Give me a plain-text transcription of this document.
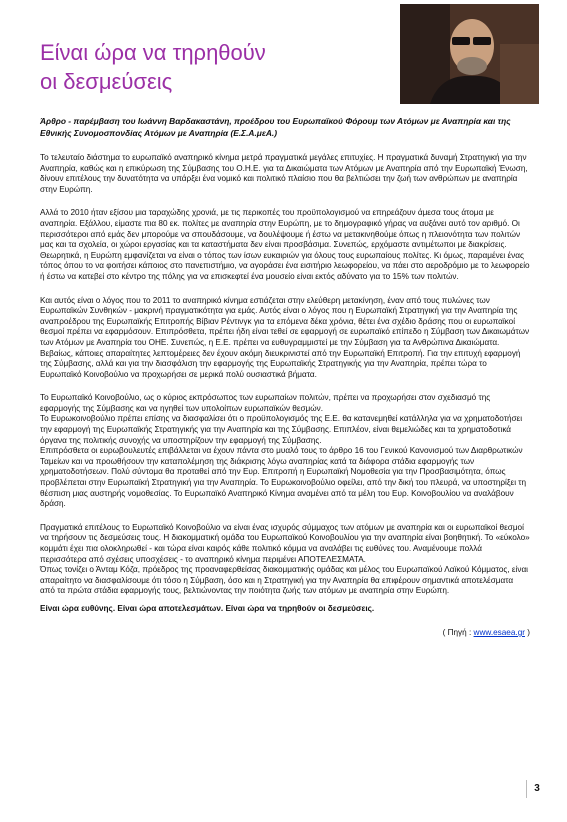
Είναι ώρα να τηρηθούν
οι δεσμεύσεις

Άρθρο - παρέμβαση του Ιωάννη Βαρδακαστάνη, προέδρου του Ευρωπαϊκού Φόρουμ των Ατόμων με Αναπηρία και της Εθνικής Συνομοσπονδίας Ατόμων με Αναπηρία (Ε.Σ.Α.μεΑ.)

Το τελευταίο διάστημα το ευρωπαϊκό αναπηρικό κίνημα μετρά πραγματικά μεγάλες επιτυχίες. Η πραγματικά δυναμή Στρατηγική για την Αναπηρία, καθώς και η επικύρωση της Σύμβασης του Ο.Η.Ε. για τα Δικαιώματα των Ατόμων με Αναπηρία από την Ευρωπαϊκή Ένωση, δίνουν επιτέλους την δυνατότητα να υπάρξει ένα νομικό και πολιτικό πλαίσιο που θα βελτιώσει την ζωή των ανθρώπων με αναπηρία στην Ευρώπη.

Αλλά το 2010 ήταν εξίσου μια ταραχώδης χρονιά, με τις περικοπές του προϋπολογισμού να επηρεάζουν άμεσα τους άτομα με αναπηρία. Εξάλλου, είμαστε πια 80 εκ. πολίτες με αναπηρία στην Ευρώπη, με το δημογραφικό γήρας να αυξάνει αυτό τον αριθμό. Οι περισσότεροι από εμάς δεν μπορούμε να σπουδάσουμε, να δουλέψουμε ή έστω να μετακινηθούμε όπως η πλειονότητα των πολιτών μας και τα σχολεία, οι χώροι εργασίας και τα καταστήματα δεν είναι προσβάσιμα. Συνεπώς, ερχόμαστε αντιμέτωποι με διακρίσεις. Θεωρητικά, η Ευρώπη εμφανίζεται να είναι ο τόπος των ίσων ευκαιριών για όλους τους ευρωπαίους πολίτες. Κι όμως, παραμένει ένας τόπος όπου το να φοιτήσει κάποιος στο πανεπιστήμιο, να αγοράσει ένα εισιτήριο λεωφορείου, να πάει στο αεροδρόμιο με το λεωφορείο ή έστω να κατεβεί στο κέντρο της πόλης για να επισκεφτεί ένα μουσείο είναι εκτός αδύνατο για το 15% των πολιτών.

Και αυτός είναι ο λόγος που το 2011 το αναπηρικό κίνημα εστιάζεται στην ελεύθερη μετακίνηση, έναν από τους πυλώνες των Ευρωπαϊκών Συνθηκών - μακρινή πραγματικότητα για εμάς. Αυτός είναι ο λόγος που η Ευρωπαϊκή Στρατηγική για την Αναπηρία της αναπροέδρου της Ευρωπαϊκής Επιτροπής Βίβιαν Ρέντινγκ για τα επόμενα δέκα χρόνια, θέτει ένα σχέδιο δράσης που οι ευρωπαϊκοί θεσμοί πρέπει να εφαρμόσουν. Επιπρόσθετα, πρέπει ήδη είναι τεθεί σε εφαρμογή σε ευρωπαϊκό επίπεδο η Σύμβαση των Δικαιωμάτων των Ατόμων με Αναπηρία του ΟΗΕ. Συνεπώς, η Ε.Ε. πρέπει να ευθυγραμμιστεί με την Σύμβαση για τα Ανθρώπινα Δικαιώματα. Βεβαίως, κάποιες απαραίτητες λεπτομέρειες δεν έχουν ακόμη διευκρινιστεί από την Ευρωπαϊκή Επιτροπή. Για την επιτυχή εφαρμογή της Σύμβασης, αλλά και για την διασφάλιση την εφαρμογής της Ευρωπαϊκής Στρατηγικής για την Αναπηρία, πρέπει τώρα το Ευρωπαϊκό Κοινοβούλιο να προχωρήσει σε μερικά πολύ ουσιαστικά βήματα.

Το Ευρωπαϊκό Κοινοβούλιο, ως ο κύριος εκπρόσωπος των ευρωπαίων πολιτών, πρέπει να προχωρήσει στον σχεδιασμό της εφαρμογής της Σύμβασης και να ηγηθεί των υπολοίπων ευρωπαϊκών θεσμών.
Το Ευρωκοινοβούλιο πρέπει επίσης να διασφαλίσει ότι ο προϋπολογισμός της Ε.Ε. θα κατανεμηθεί κατάλληλα για να χρηματοδοτήσει την εφαρμογή της Ευρωπαϊκής Στρατηγικής για την Αναπηρία και της Σύμβασης. Επιπλέον, είναι θεμελιώδες και τα χρηματοδοτικά όργανα της πολιτικής συνοχής να υποστηρίζουν την εφαρμογή της Σύμβασης.
Επιπρόσθετα οι ευρωβουλευτές επιβάλλεται να έχουν πάντα στο μυαλό τους το άρθρο 16 του Γενικού Κανονισμού των Διαρθρωτικών Ταμείων και να προωθήσουν την καταπολέμηση της διάκρισης λόγω αναπηρίας κατά τα διάφορα στάδια εφαρμογής των χρηματοδοτήσεων. Πολύ σύντομα θα προταθεί από την Ευρ. Επιτροπή η Ευρωπαϊκή Νομοθεσία για την Προσβασιμότητα, όπως προβλέπεται στην Ευρωπαϊκή Στρατηγική για την Αναπηρία. Το Ευρωκοινοβούλιο οφείλει, από την δική του πλευρά, να υποστηρίξει τη θέσπιση μιας αυστηρής νομοθεσίας. Το Ευρωπαϊκό Αναπηρικό Κίνημα αναμένει από τα μέλη του Ευρ. Κοινοβουλίου να αναλάβουν δράση.

Πραγματικά επιτέλους το Ευρωπαϊκό Κοινοβούλιο να είναι ένας ισχυρός σύμμαχος των ατόμων με αναπηρία και οι ευρωπαϊκοί θεσμοί να τηρήσουν τις δεσμεύσεις τους. Η διακομματική ομάδα του Ευρωπαϊκού Κοινοβουλίου για την αναπηρία είναι βοηθητική. Το «εύκολο» κομμάτι έχει πια ολοκληρωθεί - και τώρα είναι καιρός κάθε πολιτικό κόμμα να αναλάβει τις ευθύνες του. Αναμένουμε πολλά περισσότερα από σχέσεις υποσχέσεις - το αναπηρικό κίνημα περιμένει ΑΠΟΤΕΛΕΣΜΑΤΑ.
Όπως τονίζει ο Άνταμ Κόζα, πρόεδρος της προαναφερθείσας διακομματικής ομάδας και μέλος του Ευρωπαϊκού Λαϊκού Κόμματος, είναι απαραίτητο να διασφαλίσουμε ότι τόσο η Σύμβαση, όσο και η Στρατηγική για την Αναπηρία θα επιφέρουν σημαντικά αποτελέσματα από τα πρώτα στάδια εφαρμογής τους, βελτιώνοντας την ποιότητα ζωής των ατόμων με αναπηρία στην Ευρώπη.

Είναι ώρα ευθύνης. Είναι ώρα αποτελεσμάτων. Είναι ώρα να τηρηθούν οι δεσμεύσεις.

( Πηγή : www.esaea.gr )

3
